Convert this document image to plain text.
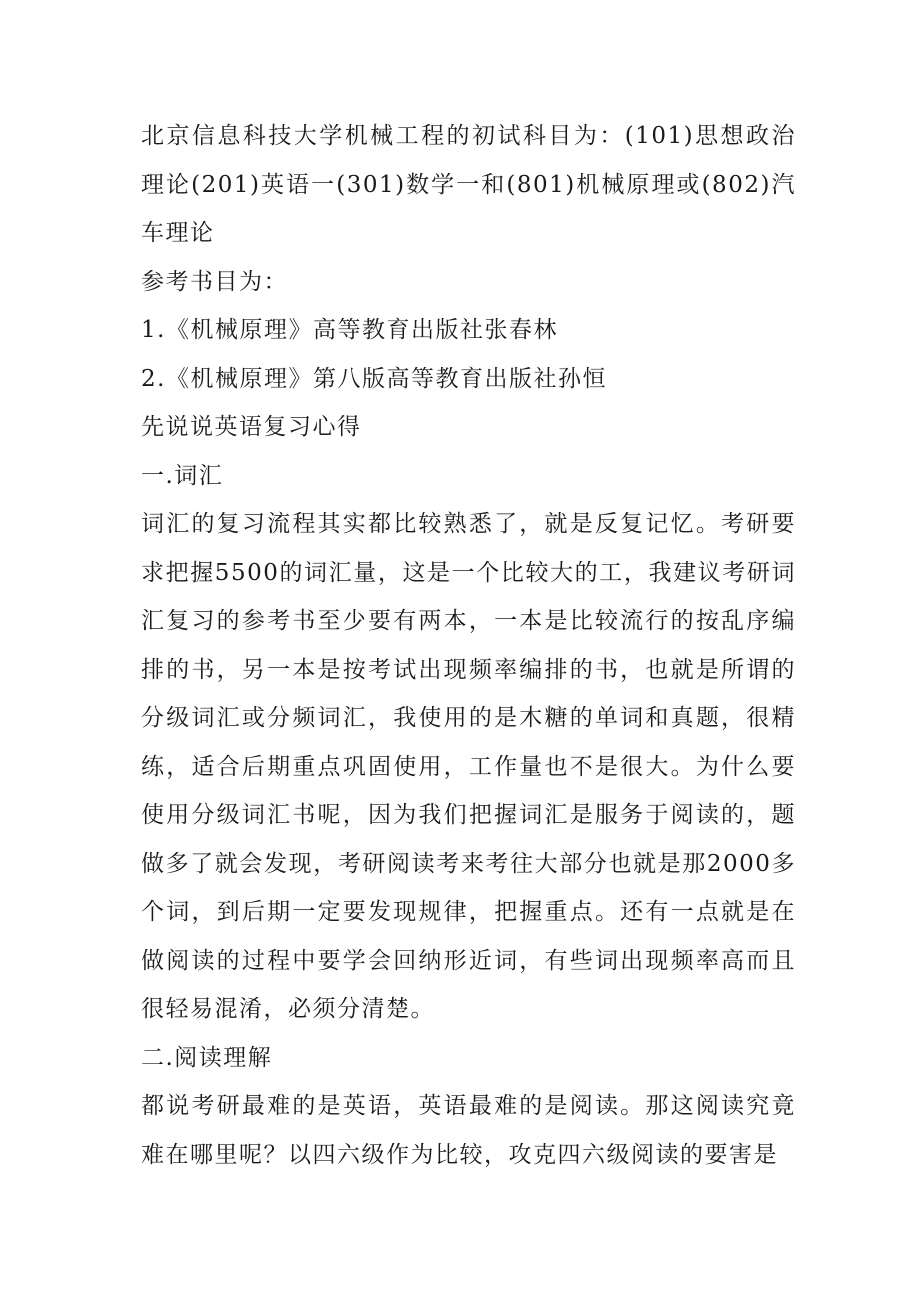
北京信息科技大学机械工程的初试科目为：(101)思想政治理论(201)英语一(301)数学一和(801)机械原理或(802)汽车理论

参考书目为：

1.《机械原理》高等教育出版社张春林

2.《机械原理》第八版高等教育出版社孙恒

先说说英语复习心得

一.词汇

词汇的复习流程其实都比较熟悉了，就是反复记忆。考研要求把握5500的词汇量，这是一个比较大的工，我建议考研词汇复习的参考书至少要有两本，一本是比较流行的按乱序编排的书，另一本是按考试出现频率编排的书，也就是所谓的分级词汇或分频词汇，我使用的是木糖的单词和真题，很精练，适合后期重点巩固使用，工作量也不是很大。为什么要使用分级词汇书呢，因为我们把握词汇是服务于阅读的，题做多了就会发现，考研阅读考来考往大部分也就是那2000多个词，到后期一定要发现规律，把握重点。还有一点就是在做阅读的过程中要学会回纳形近词，有些词出现频率高而且很轻易混淆，必须分清楚。

二.阅读理解

都说考研最难的是英语，英语最难的是阅读。那这阅读究竟难在哪里呢？以四六级作为比较，攻克四六级阅读的要害是
